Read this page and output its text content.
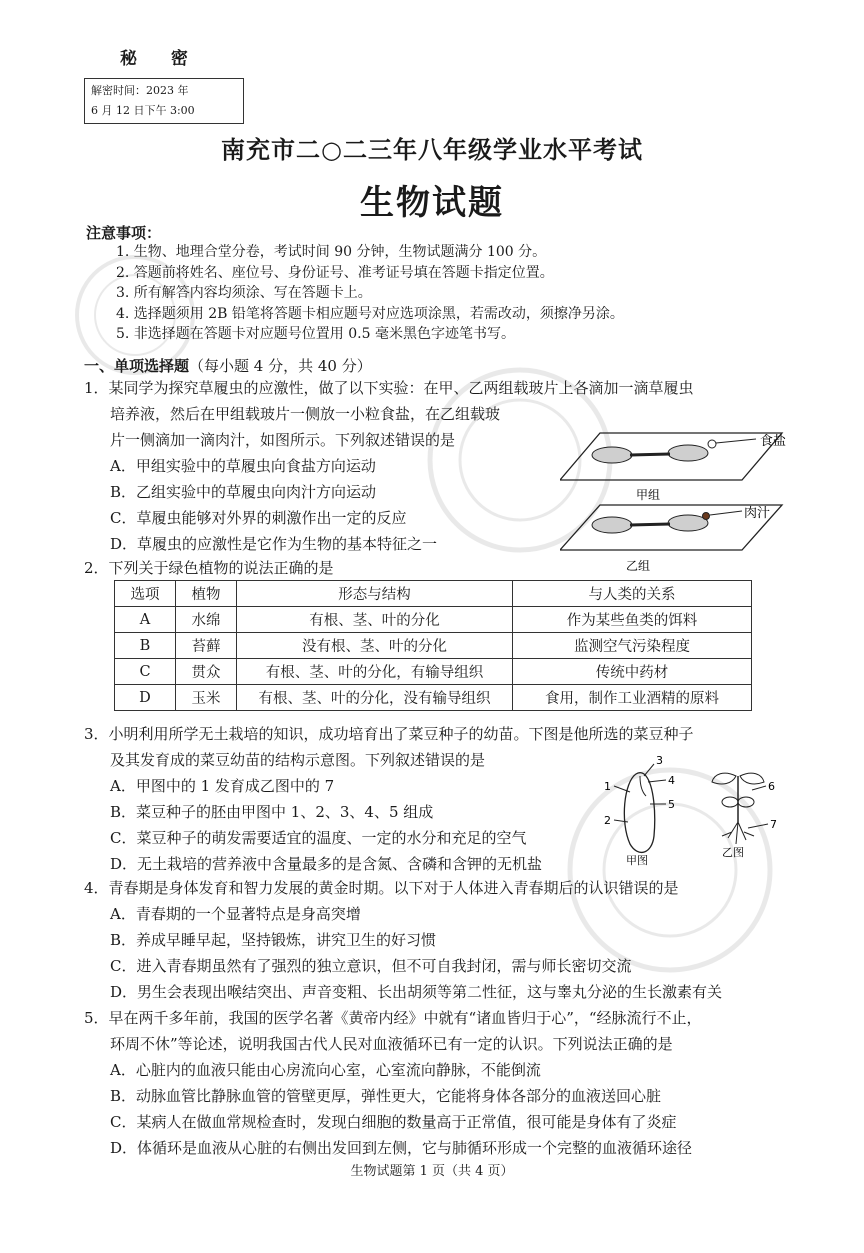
秘 密
解密时间：2023 年
6 月 12 日下午 3:00
南充市二○二三年八年级学业水平考试
生物试题
注意事项：
1. 生物、地理合堂分卷，考试时间 90 分钟，生物试题满分 100 分。
2. 答题前将姓名、座位号、身份证号、准考证号填在答题卡指定位置。
3. 所有解答内容均须涂、写在答题卡上。
4. 选择题须用 2B 铅笔将答题卡相应题号对应选项涂黑，若需改动，须擦净另涂。
5. 非选择题在答题卡对应题号位置用 0.5 毫米黑色字迹笔书写。
一、单项选择题（每小题 4 分，共 40 分）
1．某同学为探究草履虫的应激性，做了以下实验：在甲、乙两组载玻片上各滴加一滴草履虫
培养液，然后在甲组载玻片一侧放一小粒食盐，在乙组载玻
片一侧滴加一滴肉汁，如图所示。下列叙述错误的是
A．甲组实验中的草履虫向食盐方向运动
B．乙组实验中的草履虫向肉汁方向运动
C．草履虫能够对外界的刺激作出一定的反应
D．草履虫的应激性是它作为生物的基本特征之一
食盐
甲组
肉汁
乙组
2．下列关于绿色植物的说法正确的是
选项	植物	形态与结构	与人类的关系
A	水绵	有根、茎、叶的分化	作为某些鱼类的饵料
B	苔藓	没有根、茎、叶的分化	监测空气污染程度
C	贯众	有根、茎、叶的分化，有输导组织	传统中药材
D	玉米	有根、茎、叶的分化，没有输导组织	食用，制作工业酒精的原料
3．小明利用所学无土栽培的知识，成功培育出了菜豆种子的幼苗。下图是他所选的菜豆种子
及其发育成的菜豆幼苗的结构示意图。下列叙述错误的是
A．甲图中的 1 发育成乙图中的 7
B．菜豆种子的胚由甲图中 1、2、3、4、5 组成
C．菜豆种子的萌发需要适宜的温度、一定的水分和充足的空气
D．无土栽培的营养液中含量最多的是含氮、含磷和含钾的无机盐
3
4
5
1
2
甲图
6
7
乙图
4．青春期是身体发育和智力发展的黄金时期。以下对于人体进入青春期后的认识错误的是
A．青春期的一个显著特点是身高突增
B．养成早睡早起，坚持锻炼，讲究卫生的好习惯
C．进入青春期虽然有了强烈的独立意识，但不可自我封闭，需与师长密切交流
D．男生会表现出喉结突出、声音变粗、长出胡须等第二性征，这与睾丸分泌的生长激素有关
5．早在两千多年前，我国的医学名著《黄帝内经》中就有“诸血皆归于心”，“经脉流行不止，
环周不休”等论述，说明我国古代人民对血液循环已有一定的认识。下列说法正确的是
A．心脏内的血液只能由心房流向心室，心室流向静脉，不能倒流
B．动脉血管比静脉血管的管壁更厚，弹性更大，它能将身体各部分的血液送回心脏
C．某病人在做血常规检查时，发现白细胞的数量高于正常值，很可能是身体有了炎症
D．体循环是血液从心脏的右侧出发回到左侧，它与肺循环形成一个完整的血液循环途径
生物试题第 1 页（共 4 页）
